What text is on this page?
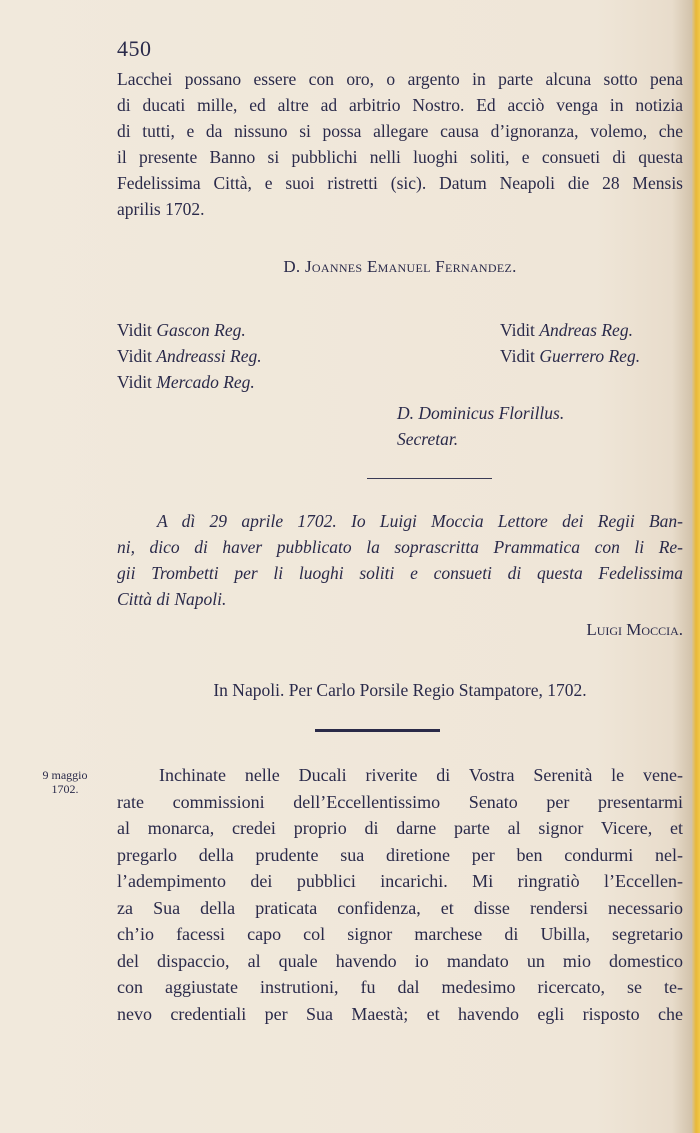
450
Lacchei possano essere con oro, o argento in parte alcuna sotto pena
di ducati mille, ed altre ad arbitrio Nostro. Ed acciò venga in notizia
di tutti, e da nissuno si possa allegare causa d’ignoranza, volemo, che
il presente Banno si pubblichi nelli luoghi soliti, e consueti di questa
Fedelissima Città, e suoi ristretti (sic). Datum Neapoli die 28 Mensis
aprilis 1702.
D. Joannes Emanuel Fernandez.
Vidit Gascon Reg.
Vidit Andreassi Reg.
Vidit Mercado Reg.
Vidit Andreas Reg.
Vidit Guerrero Reg.
D. Dominicus Florillus.
Secretar.
A dì 29 aprile 1702. Io Luigi Moccia Lettore dei Regii Ban-
ni, dico di haver pubblicato la soprascritta Prammatica con li Re-
gii Trombetti per li luoghi soliti e consueti di questa Fedelissima
Città di Napoli.
Luigi Moccia.
In Napoli. Per Carlo Porsile Regio Stampatore, 1702.
9 maggio
1702.
Inchinate nelle Ducali riverite di Vostra Serenità le vene-
rate commissioni dell’Eccellentissimo Senato per presentarmi
al monarca, credei proprio di darne parte al signor Vicere, et
pregarlo della prudente sua diretione per ben condurmi nel-
l’adempimento dei pubblici incarichi. Mi ringratiò l’Eccellen-
za Sua della praticata confidenza, et disse rendersi necessario
ch’io facessi capo col signor marchese di Ubilla, segretario
del dispaccio, al quale havendo io mandato un mio domestico
con aggiustate instrutioni, fu dal medesimo ricercato, se te-
nevo credentiali per Sua Maestà; et havendo egli risposto che
